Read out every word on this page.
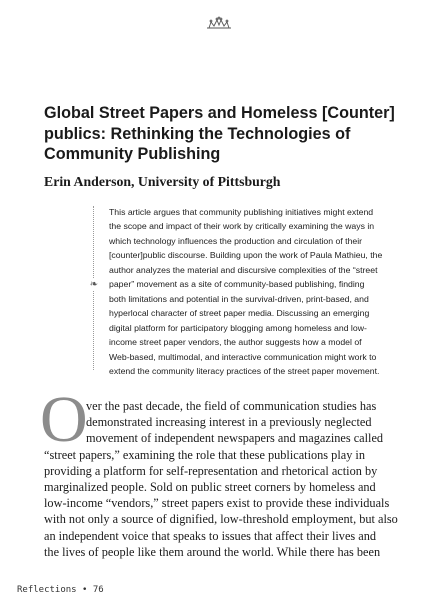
Global Street Papers and Homeless [Counter]
publics: Rethinking the Technologies of
Community Publishing

Erin Anderson, University of Pittsburgh

❧
This article argues that community publishing initiatives might extend
the scope and impact of their work by critically examining the ways in
which technology influences the production and circulation of their
[counter]public discourse. Building upon the work of Paula Mathieu, the
author analyzes the material and discursive complexities of the “street
paper” movement as a site of community-based publishing, finding
both limitations and potential in the survival-driven, print-based, and
hyperlocal character of street paper media. Discussing an emerging
digital platform for participatory blogging among homeless and low-
income street paper vendors, the author suggests how a model of
Web-based, multimodal, and interactive communication might work to
extend the community literacy practices of the street paper movement.
O
ver the past decade, the field of communication studies has
demonstrated increasing interest in a previously neglected
movement of independent newspapers and magazines called
“street papers,” examining the role that these publications play in
providing a platform for self-representation and rhetorical action by
marginalized people. Sold on public street corners by homeless and
low-income “vendors,” street papers exist to provide these individuals
with not only a source of dignified, low-threshold employment, but also
an independent voice that speaks to issues that affect their lives and
the lives of people like them around the world. While there has been
Reflections • 76
